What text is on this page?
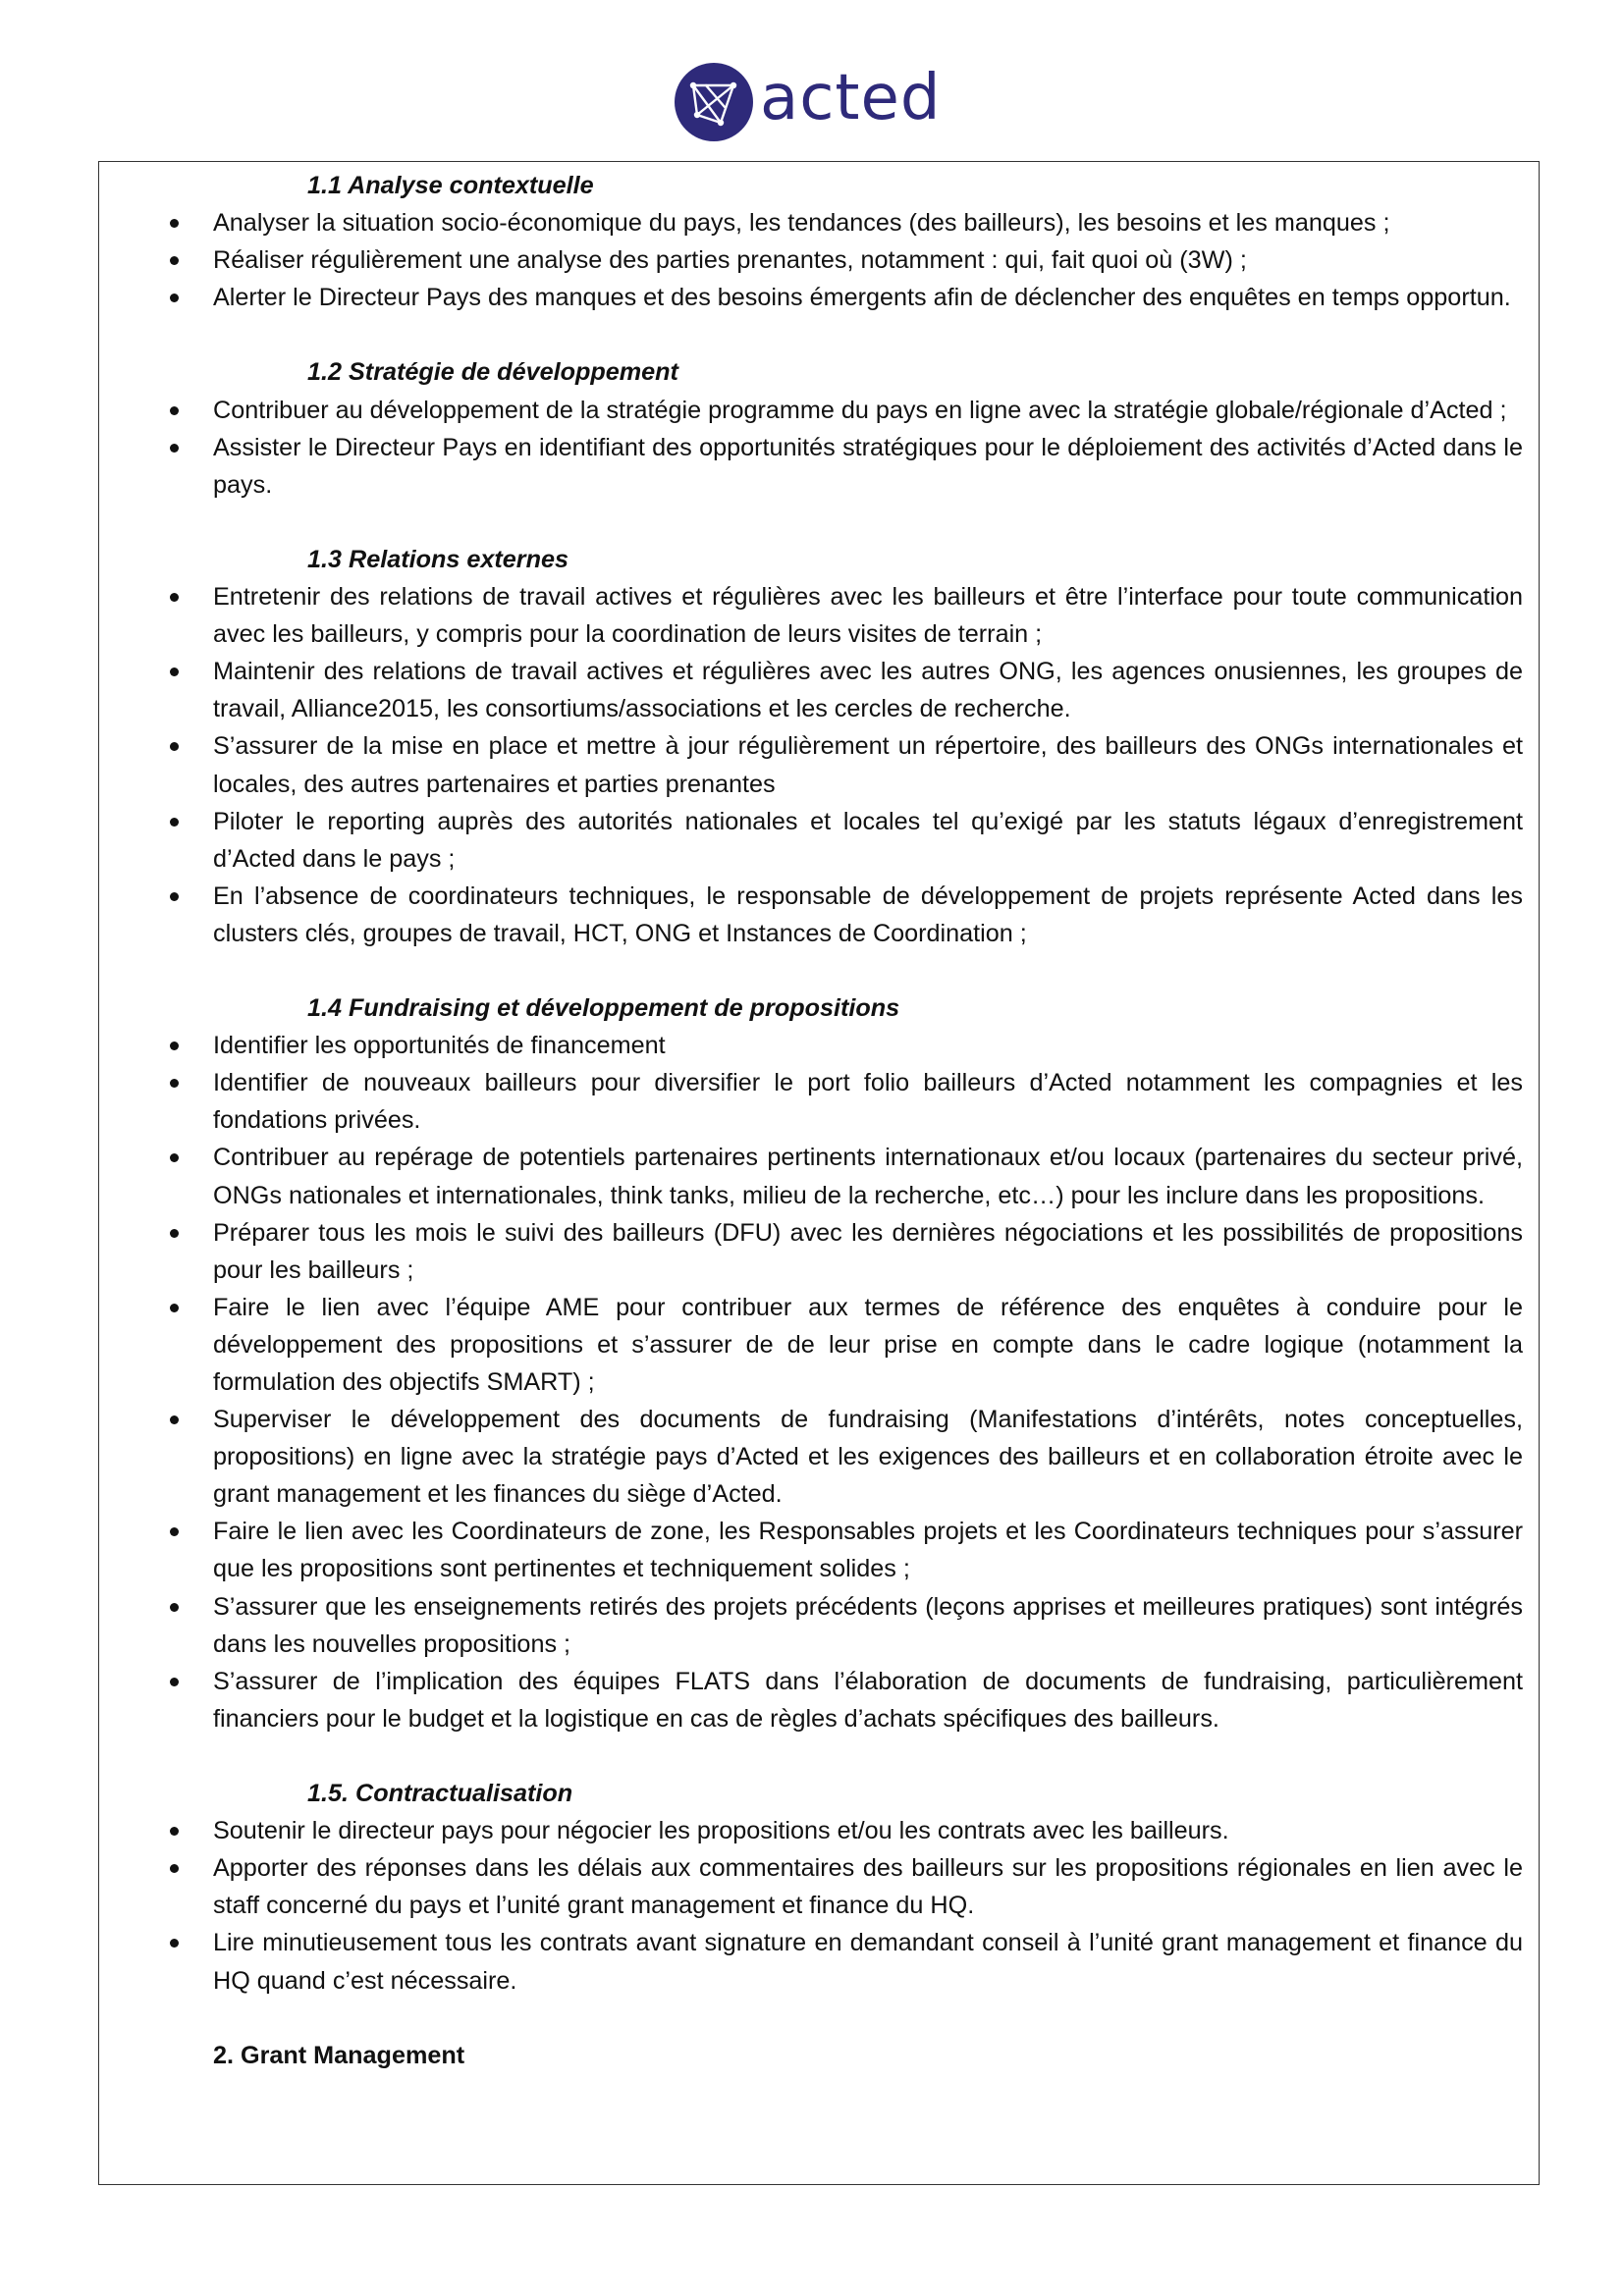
acted
1.1 Analyse contextuelle
Analyser la situation socio-économique du pays, les tendances (des bailleurs), les besoins et les manques ;
Réaliser régulièrement une analyse des parties prenantes, notamment : qui, fait quoi où (3W) ;
Alerter le Directeur Pays des manques et des besoins émergents afin de déclencher des enquêtes en temps opportun.
1.2 Stratégie de développement
Contribuer au développement de la stratégie programme du pays en ligne avec la stratégie globale/régionale d’Acted ;
Assister le Directeur Pays en identifiant des opportunités stratégiques pour le déploiement des activités d’Acted dans le pays.
1.3 Relations externes
Entretenir des relations de travail actives et régulières avec les bailleurs et être l’interface pour toute communication avec les bailleurs, y compris pour la coordination de leurs visites de terrain ;
Maintenir des relations de travail actives et régulières avec les autres ONG, les agences onusiennes, les groupes de travail, Alliance2015, les consortiums/associations et les cercles de recherche.
S’assurer de la mise en place et mettre à jour régulièrement un répertoire, des bailleurs des ONGs internationales et locales, des autres partenaires et parties prenantes
Piloter le reporting auprès des autorités nationales et locales tel qu’exigé par les statuts légaux d’enregistrement d’Acted dans le pays ;
En l’absence de coordinateurs techniques, le responsable de développement de projets représente Acted dans les clusters clés, groupes de travail, HCT, ONG et Instances de Coordination ;
1.4 Fundraising et développement de propositions
Identifier les opportunités de financement
Identifier de nouveaux bailleurs pour diversifier le port folio bailleurs d’Acted notamment les compagnies et les fondations privées.
Contribuer au repérage de potentiels partenaires pertinents internationaux et/ou locaux (partenaires du secteur privé, ONGs nationales et internationales, think tanks, milieu de la recherche, etc…) pour les inclure dans les propositions.
Préparer tous les mois le suivi des bailleurs (DFU) avec les dernières négociations et les possibilités de propositions pour les bailleurs ;
Faire le lien avec l’équipe AME pour contribuer aux termes de référence des enquêtes à conduire pour le développement des propositions et s’assurer de de leur prise en compte dans le cadre logique (notamment la formulation des objectifs SMART) ;
Superviser le développement des documents de fundraising (Manifestations d’intérêts, notes conceptuelles, propositions) en ligne avec la stratégie pays d’Acted et les exigences des bailleurs et en collaboration étroite avec le grant management et les finances du siège d’Acted.
Faire le lien avec les Coordinateurs de zone, les Responsables projets et les Coordinateurs techniques pour s’assurer que les propositions sont pertinentes et techniquement solides ;
S’assurer que les enseignements retirés des projets précédents (leçons apprises et meilleures pratiques) sont intégrés dans les nouvelles propositions ;
S’assurer de l’implication des équipes FLATS dans l’élaboration de documents de fundraising, particulièrement financiers pour le budget et la logistique en cas de règles d’achats spécifiques des bailleurs.
1.5. Contractualisation
Soutenir le directeur pays pour négocier les propositions et/ou les contrats avec les bailleurs.
Apporter des réponses dans les délais aux commentaires des bailleurs sur les propositions régionales en lien avec le staff concerné du pays et l’unité grant management et finance du HQ.
Lire minutieusement tous les contrats avant signature en demandant conseil à l’unité grant management et finance du HQ quand c’est nécessaire.
2. Grant Management
